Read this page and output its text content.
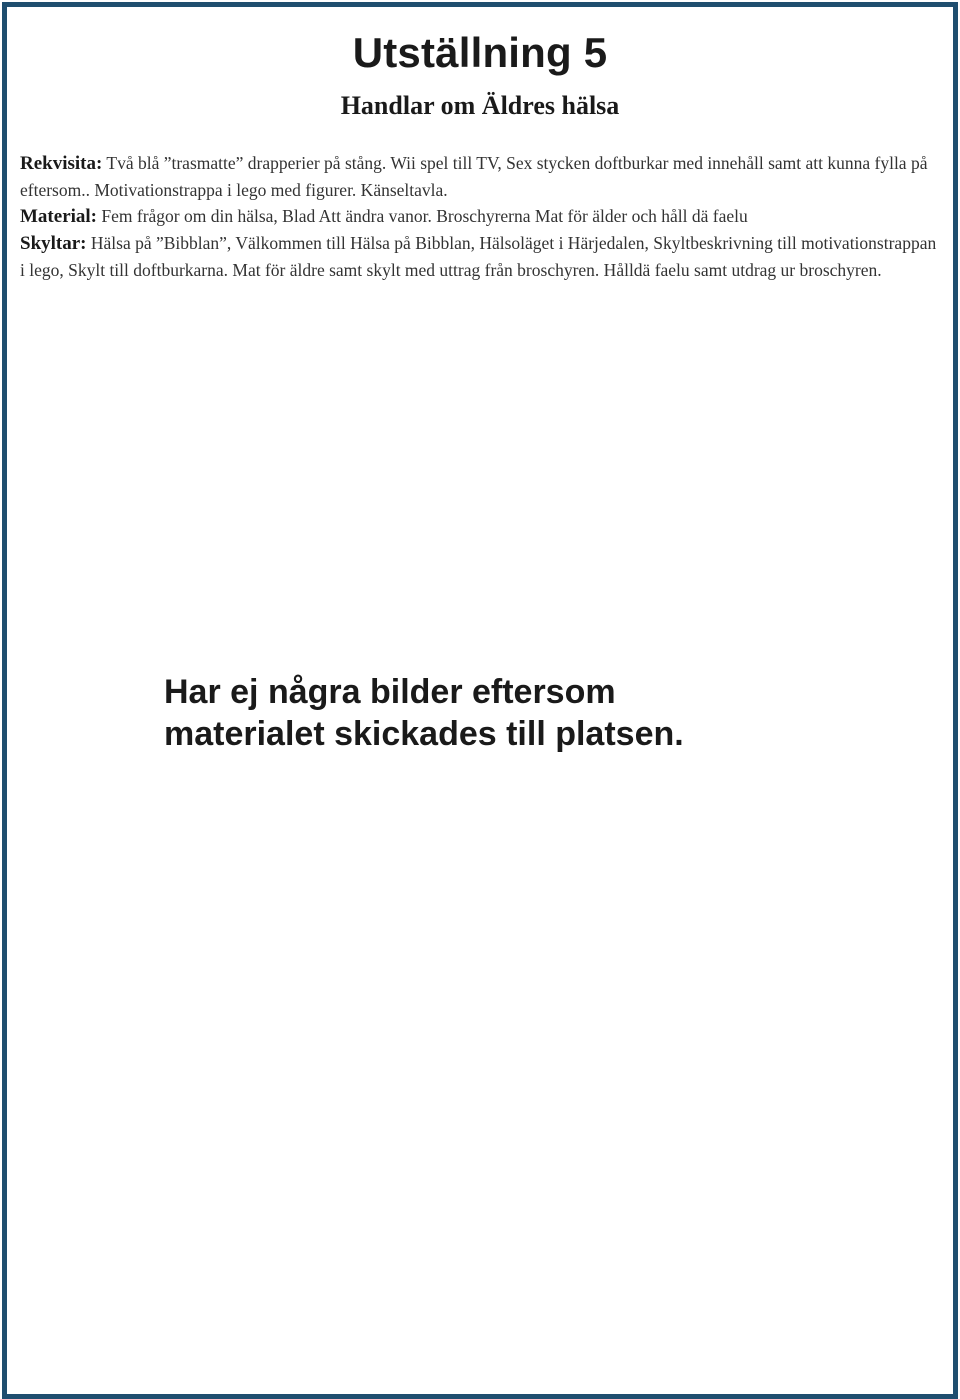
Utställning 5
Handlar om Äldres hälsa

Rekvisita: Två blå ”trasmatte” drapperier på stång. Wii spel till TV, Sex stycken doftburkar med innehåll samt att kunna fylla på eftersom.. Motivationstrappa i lego med figurer. Känseltavla.

Material: Fem frågor om din hälsa, Blad Att ändra vanor. Broschyrerna Mat för älder och håll dä faelu

Skyltar: Hälsa på ”Bibblan”, Välkommen till Hälsa på Bibblan, Hälsoläget i Härjedalen, Skyltbeskrivning till motivationstrappan i lego, Skylt till doftburkarna. Mat för äldre samt skylt med uttrag från broschyren. Hålldä faelu samt utdrag ur broschyren.

Har ej några bilder eftersom
materialet skickades till platsen.
